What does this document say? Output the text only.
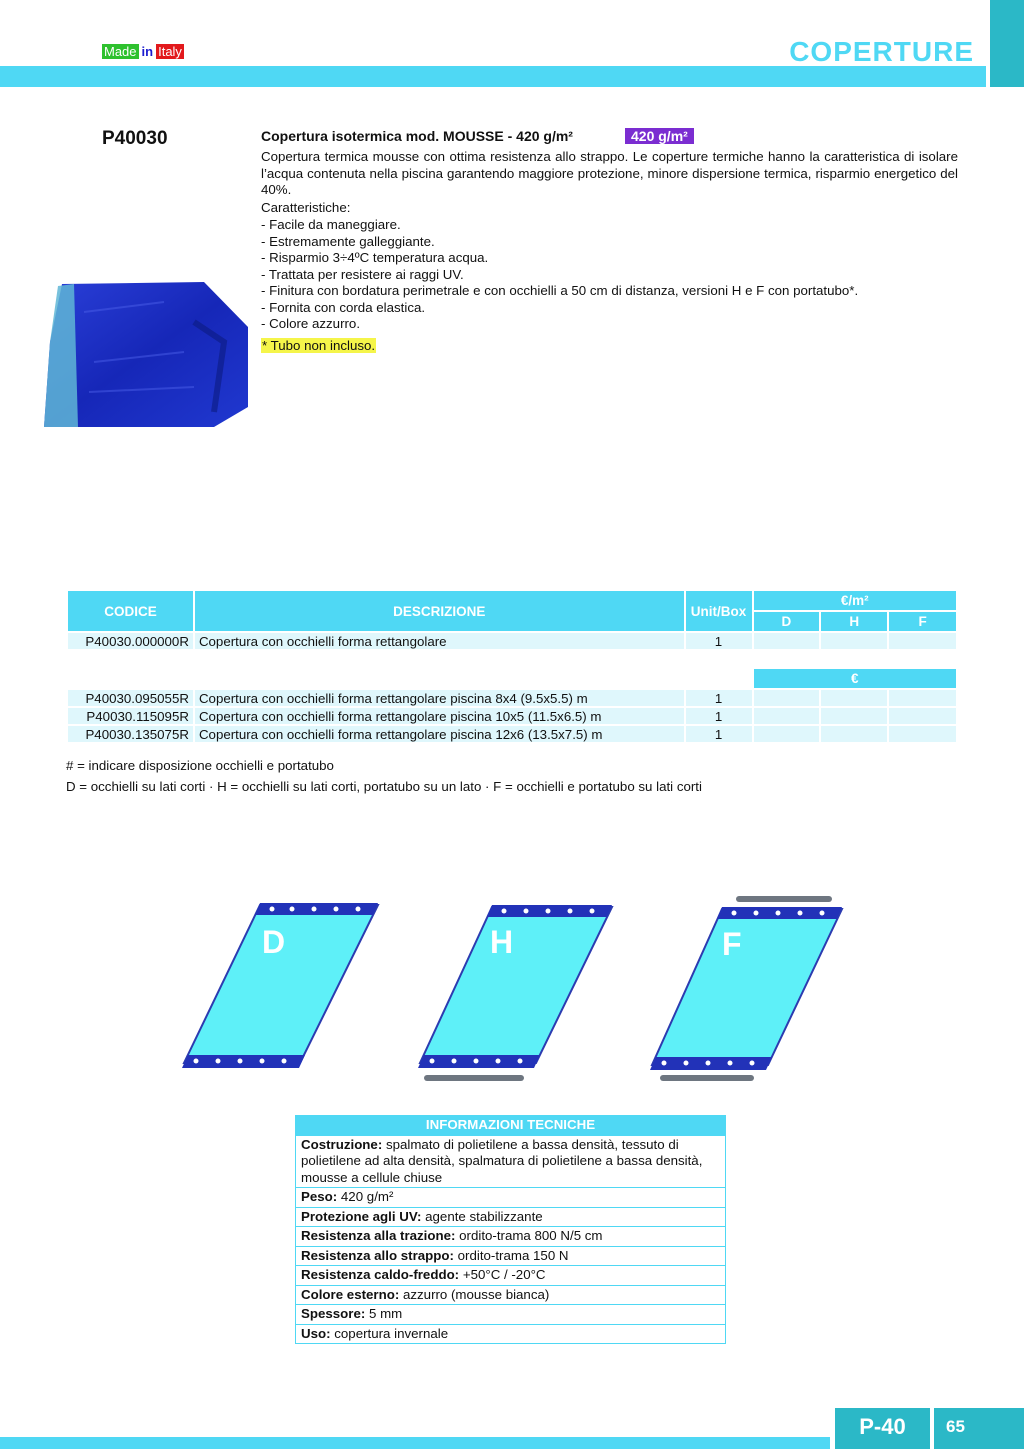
Made in Italy	COPERTURE
P40030	Copertura isotermica mod. MOUSSE - 420 g/m²	420 g/m²
Copertura termica mousse con ottima resistenza allo strappo. Le coperture termiche hanno la caratteristica di isolare l’acqua contenuta nella piscina garantendo maggiore protezione, minore dispersione termica, risparmio energetico del 40%.
Caratteristiche:
- Facile da maneggiare.
- Estremamente galleggiante.
- Risparmio 3÷4ºC temperatura acqua.
- Trattata per resistere ai raggi UV.
- Finitura con bordatura perimetrale e con occhielli a 50 cm di distanza, versioni H e F con portatubo*.
- Fornita con corda elastica.
- Colore azzurro.
* Tubo non incluso.
CODICE	DESCRIZIONE	Unit/Box	€/m²		
			D	H	F
P40030.000000R	Copertura con occhielli forma rettangolare	1			
			€		
P40030.095055R	Copertura con occhielli forma rettangolare piscina 8x4 (9.5x5.5) m	1			
P40030.115095R	Copertura con occhielli forma rettangolare piscina 10x5 (11.5x6.5) m	1			
P40030.135075R	Copertura con occhielli forma rettangolare piscina 12x6 (13.5x7.5) m	1			
# = indicare disposizione occhielli e portatubo
D = occhielli su lati corti · H = occhielli su lati corti, portatubo su un lato · F = occhielli e portatubo su lati corti
D	H	F
INFORMAZIONI TECNICHE
Costruzione: spalmato di polietilene a bassa densità, tessuto di polietilene ad alta densità, spalmatura di polietilene a bassa densità, mousse a cellule chiuse
Peso: 420 g/m²
Protezione agli UV: agente stabilizzante
Resistenza alla trazione: ordito-trama 800 N/5 cm
Resistenza allo strappo: ordito-trama 150 N
Resistenza caldo-freddo: +50°C / -20°C
Colore esterno: azzurro (mousse bianca)
Spessore: 5 mm
Uso: copertura invernale
P-40	65
